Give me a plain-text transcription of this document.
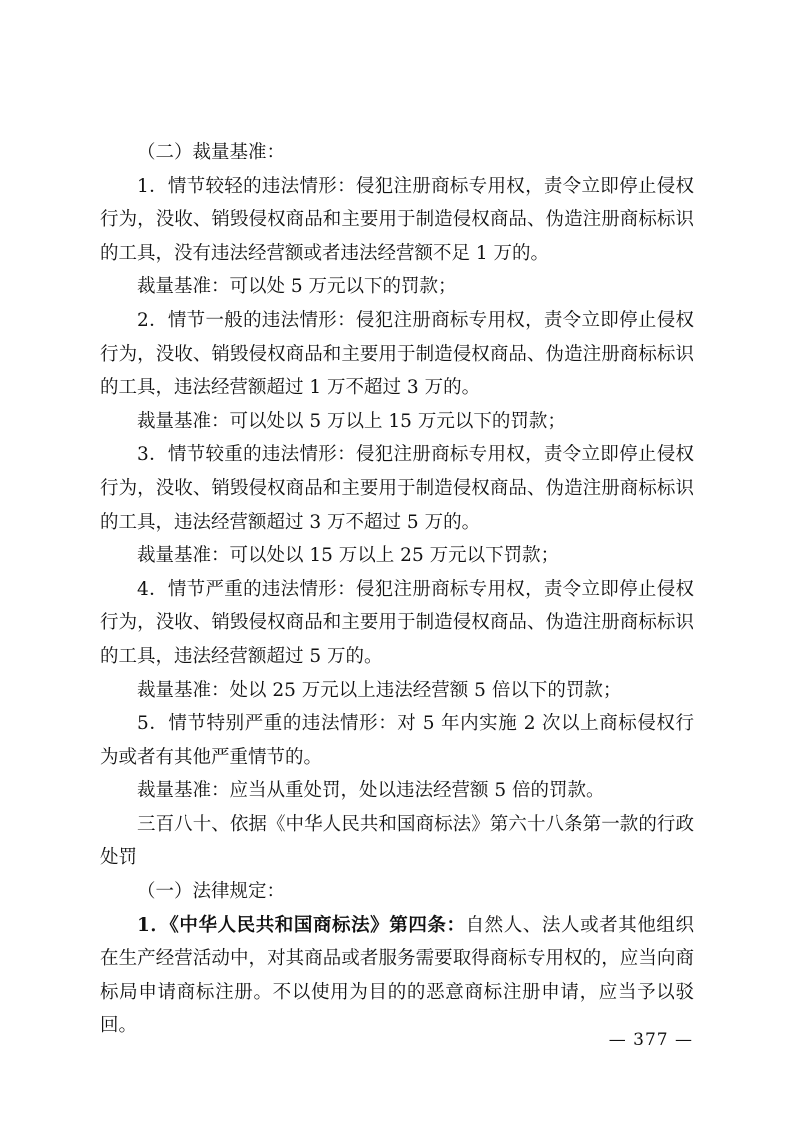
（二）裁量基准：

1．情节较轻的违法情形：侵犯注册商标专用权，责令立即停止侵权行为，没收、销毁侵权商品和主要用于制造侵权商品、伪造注册商标标识的工具，没有违法经营额或者违法经营额不足 1 万的。

裁量基准：可以处 5 万元以下的罚款；

2．情节一般的违法情形：侵犯注册商标专用权，责令立即停止侵权行为，没收、销毁侵权商品和主要用于制造侵权商品、伪造注册商标标识的工具，违法经营额超过 1 万不超过 3 万的。

裁量基准：可以处以 5 万以上 15 万元以下的罚款；

3．情节较重的违法情形：侵犯注册商标专用权，责令立即停止侵权行为，没收、销毁侵权商品和主要用于制造侵权商品、伪造注册商标标识的工具，违法经营额超过 3 万不超过 5 万的。

裁量基准：可以处以 15 万以上 25 万元以下罚款；

4．情节严重的违法情形：侵犯注册商标专用权，责令立即停止侵权行为，没收、销毁侵权商品和主要用于制造侵权商品、伪造注册商标标识的工具，违法经营额超过 5 万的。

裁量基准：处以 25 万元以上违法经营额 5 倍以下的罚款；

5．情节特别严重的违法情形：对 5 年内实施 2 次以上商标侵权行为或者有其他严重情节的。

裁量基准：应当从重处罚，处以违法经营额 5 倍的罚款。

三百八十、依据《中华人民共和国商标法》第六十八条第一款的行政处罚

（一）法律规定：

1．《中华人民共和国商标法》第四条：自然人、法人或者其他组织在生产经营活动中，对其商品或者服务需要取得商标专用权的，应当向商标局申请商标注册。不以使用为目的的恶意商标注册申请，应当予以驳回。

— 377 —
